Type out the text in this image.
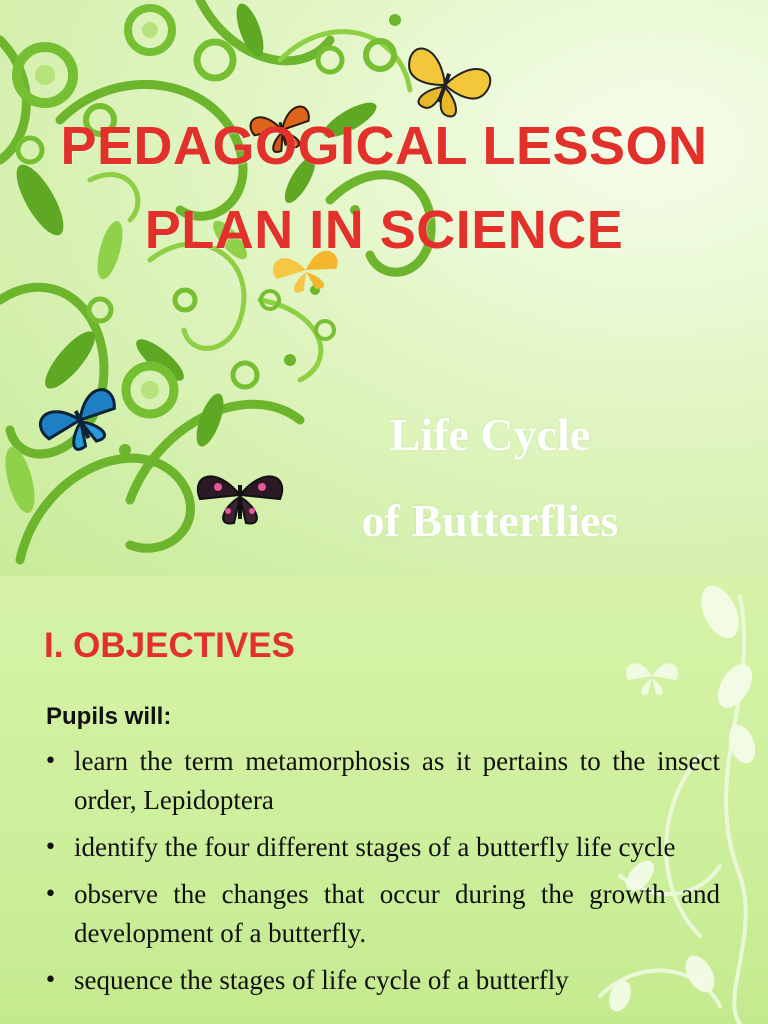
PEDAGOGICAL LESSON
PLAN IN SCIENCE
Life Cycle
of Butterflies
I. OBJECTIVES
Pupils will:
• learn the term metamorphosis as it pertains to the insect order, Lepidoptera
• identify the four different stages of a butterfly life cycle
• observe the changes that occur during the growth and development of a butterfly.
• sequence the stages of life cycle of a butterfly
